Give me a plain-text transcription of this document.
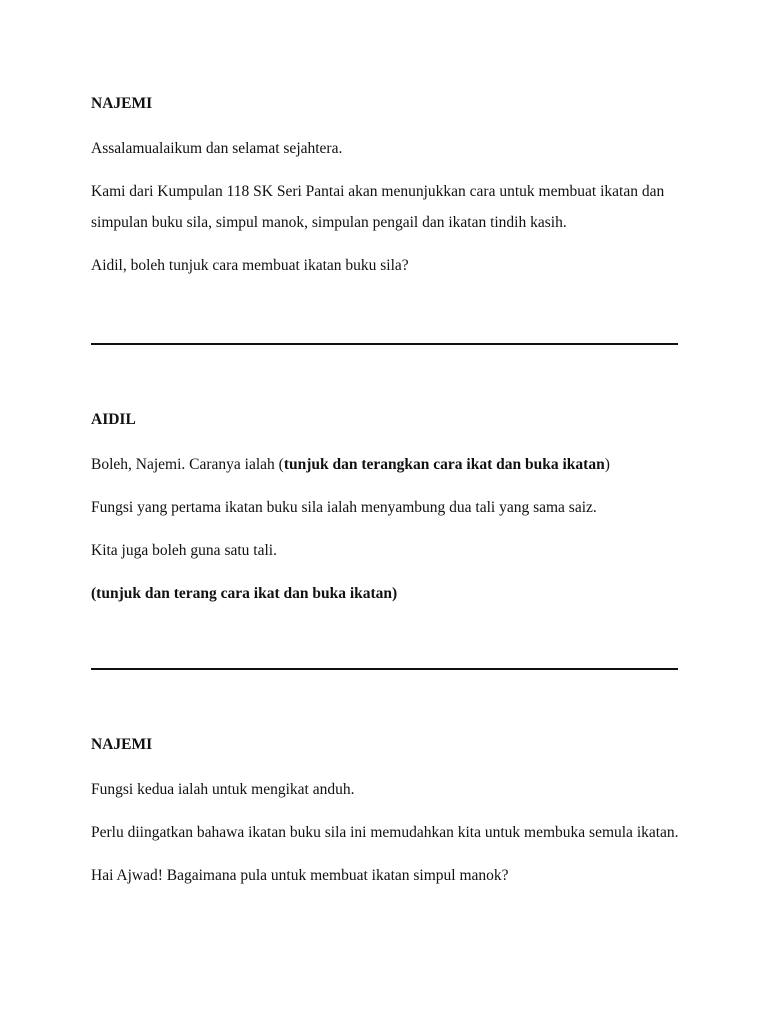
NAJEMI

Assalamualaikum dan selamat sejahtera.

Kami dari Kumpulan 118 SK Seri Pantai akan menunjukkan cara untuk membuat ikatan dan simpulan buku sila, simpul manok, simpulan pengail dan ikatan tindih kasih.

Aidil, boleh tunjuk cara membuat ikatan buku sila?

AIDIL

Boleh, Najemi. Caranya ialah (tunjuk dan terangkan cara ikat dan buka ikatan)

Fungsi yang pertama ikatan buku sila ialah menyambung dua tali yang sama saiz.

Kita juga boleh guna satu tali.

(tunjuk dan terang cara ikat dan buka ikatan)

NAJEMI

Fungsi kedua ialah untuk mengikat anduh.

Perlu diingatkan bahawa ikatan buku sila ini memudahkan kita untuk membuka semula ikatan.

Hai Ajwad! Bagaimana pula untuk membuat ikatan simpul manok?
